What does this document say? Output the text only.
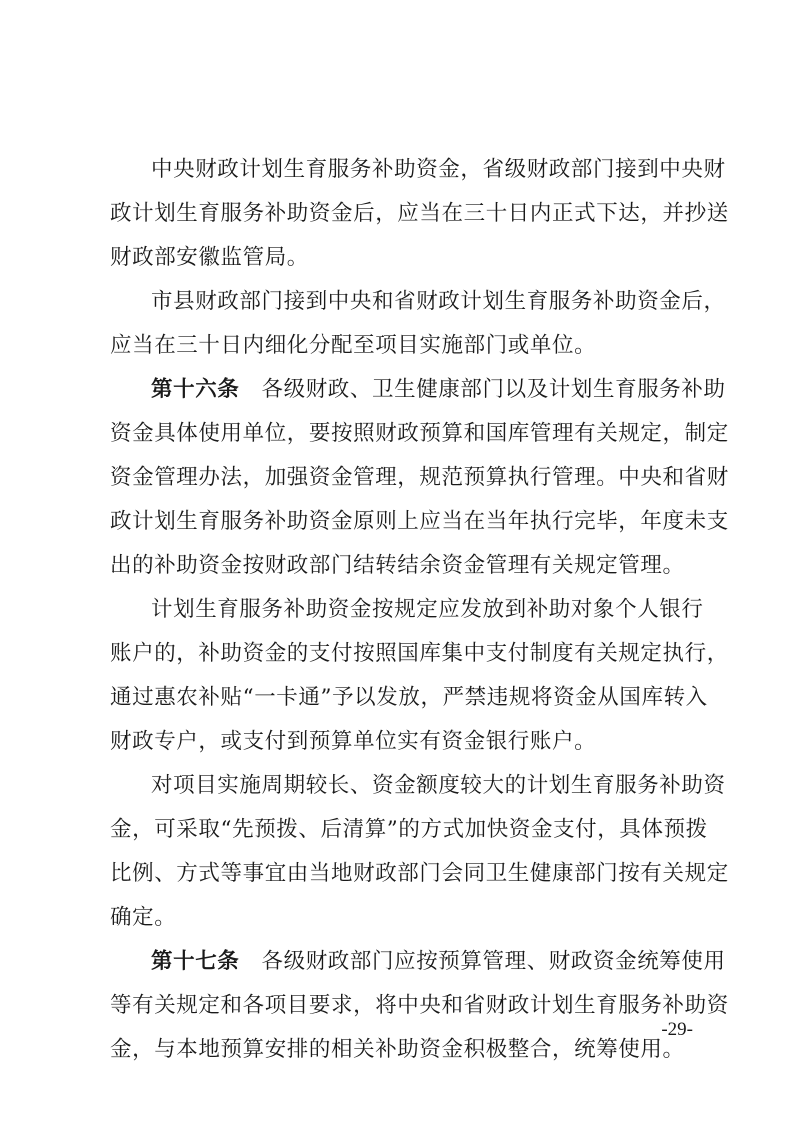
中央财政计划生育服务补助资金，省级财政部门接到中央财
政计划生育服务补助资金后，应当在三十日内正式下达，并抄送
财政部安徽监管局。
市县财政部门接到中央和省财政计划生育服务补助资金后，
应当在三十日内细化分配至项目实施部门或单位。
第十六条　各级财政、卫生健康部门以及计划生育服务补助
资金具体使用单位，要按照财政预算和国库管理有关规定，制定
资金管理办法，加强资金管理，规范预算执行管理。中央和省财
政计划生育服务补助资金原则上应当在当年执行完毕，年度未支
出的补助资金按财政部门结转结余资金管理有关规定管理。
计划生育服务补助资金按规定应发放到补助对象个人银行
账户的，补助资金的支付按照国库集中支付制度有关规定执行，
通过惠农补贴“一卡通”予以发放，严禁违规将资金从国库转入
财政专户，或支付到预算单位实有资金银行账户。
对项目实施周期较长、资金额度较大的计划生育服务补助资
金，可采取“先预拨、后清算”的方式加快资金支付，具体预拨
比例、方式等事宜由当地财政部门会同卫生健康部门按有关规定
确定。
第十七条　各级财政部门应按预算管理、财政资金统筹使用
等有关规定和各项目要求，将中央和省财政计划生育服务补助资
金，与本地预算安排的相关补助资金积极整合，统筹使用。
-29-
